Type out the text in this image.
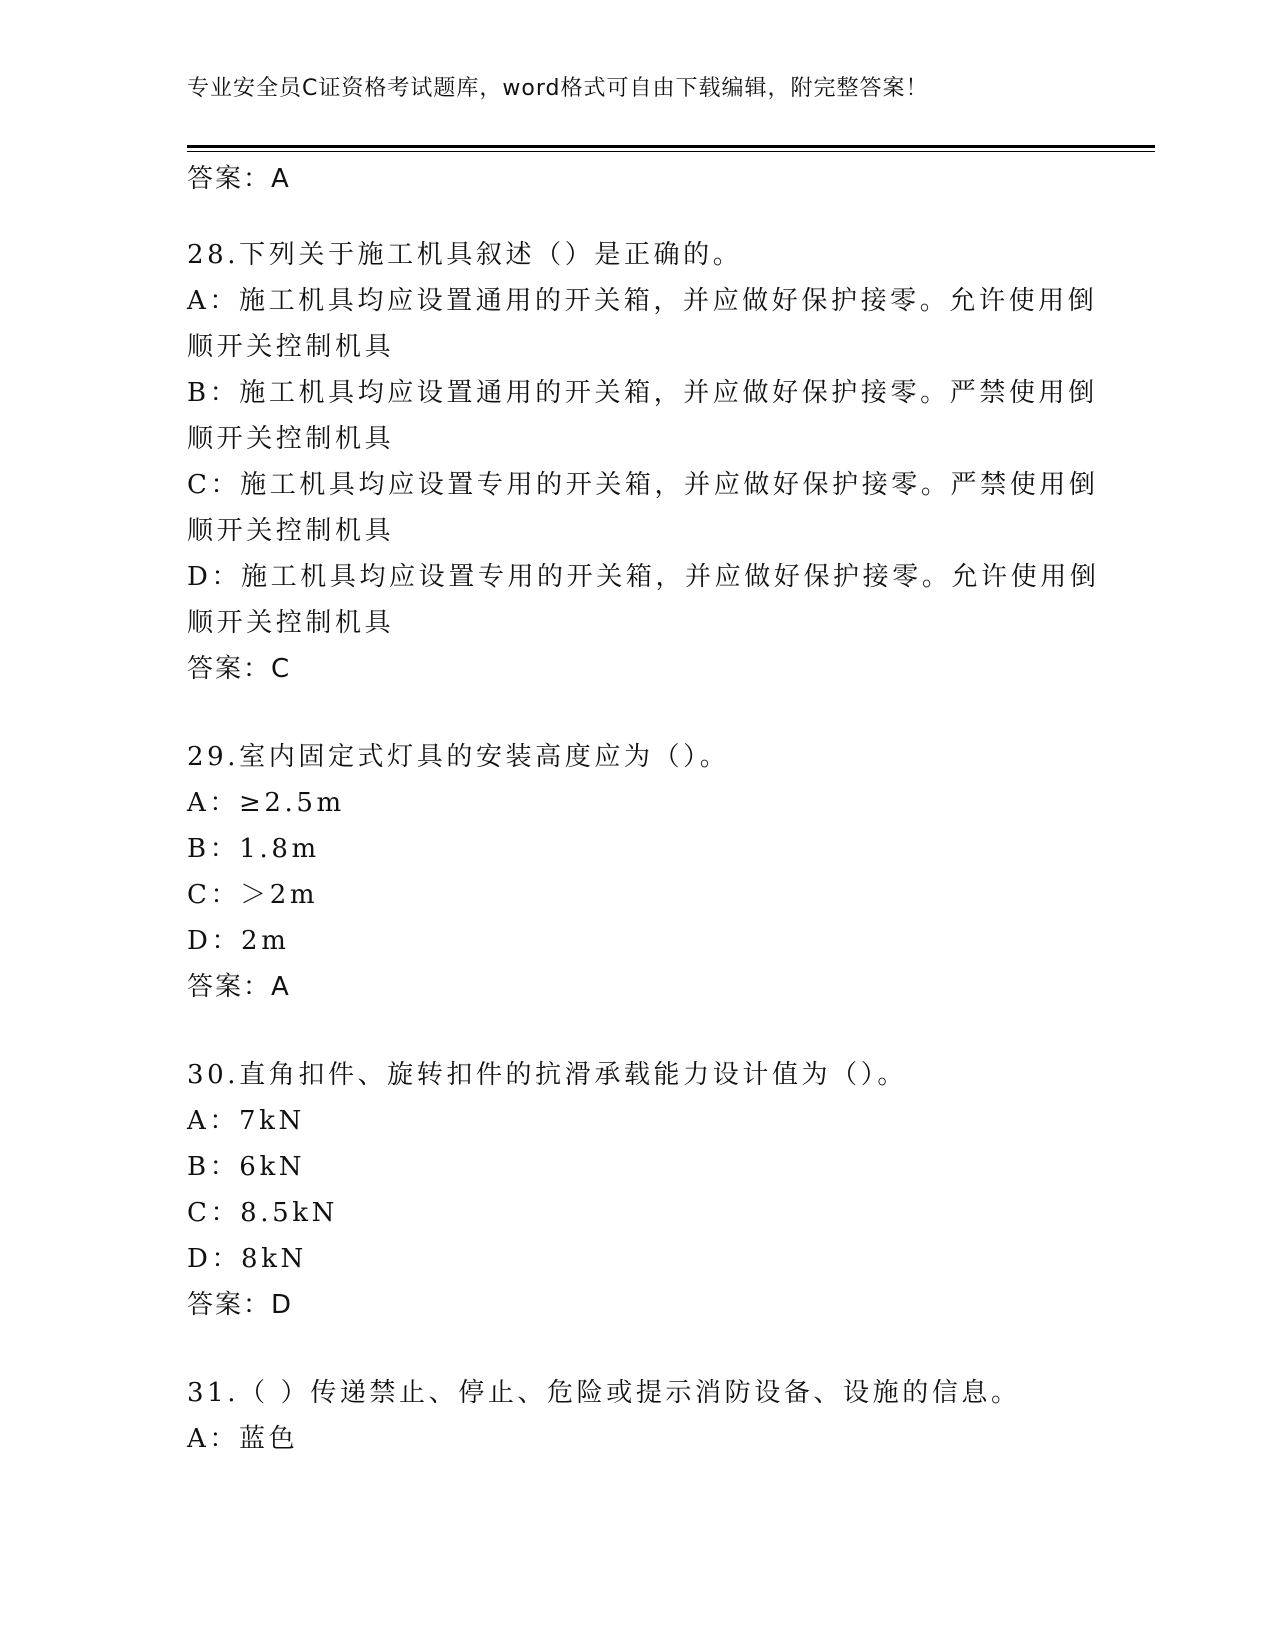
专业安全员C证资格考试题库，word格式可自由下载编辑，附完整答案！
答案：A
28.下列关于施工机具叙述（）是正确的。
A：施工机具均应设置通用的开关箱，并应做好保护接零。允许使用倒
顺开关控制机具
B：施工机具均应设置通用的开关箱，并应做好保护接零。严禁使用倒
顺开关控制机具
C：施工机具均应设置专用的开关箱，并应做好保护接零。严禁使用倒
顺开关控制机具
D：施工机具均应设置专用的开关箱，并应做好保护接零。允许使用倒
顺开关控制机具
答案：C
29.室内固定式灯具的安装高度应为（）。
A：≥2.5m
B：1.8m
C：＞2m
D：2m
答案：A
30.直角扣件、旋转扣件的抗滑承载能力设计值为（）。
A：7kN
B：6kN
C：8.5kN
D：8kN
答案：D
31.（ ）传递禁止、停止、危险或提示消防设备、设施的信息。
A：蓝色
